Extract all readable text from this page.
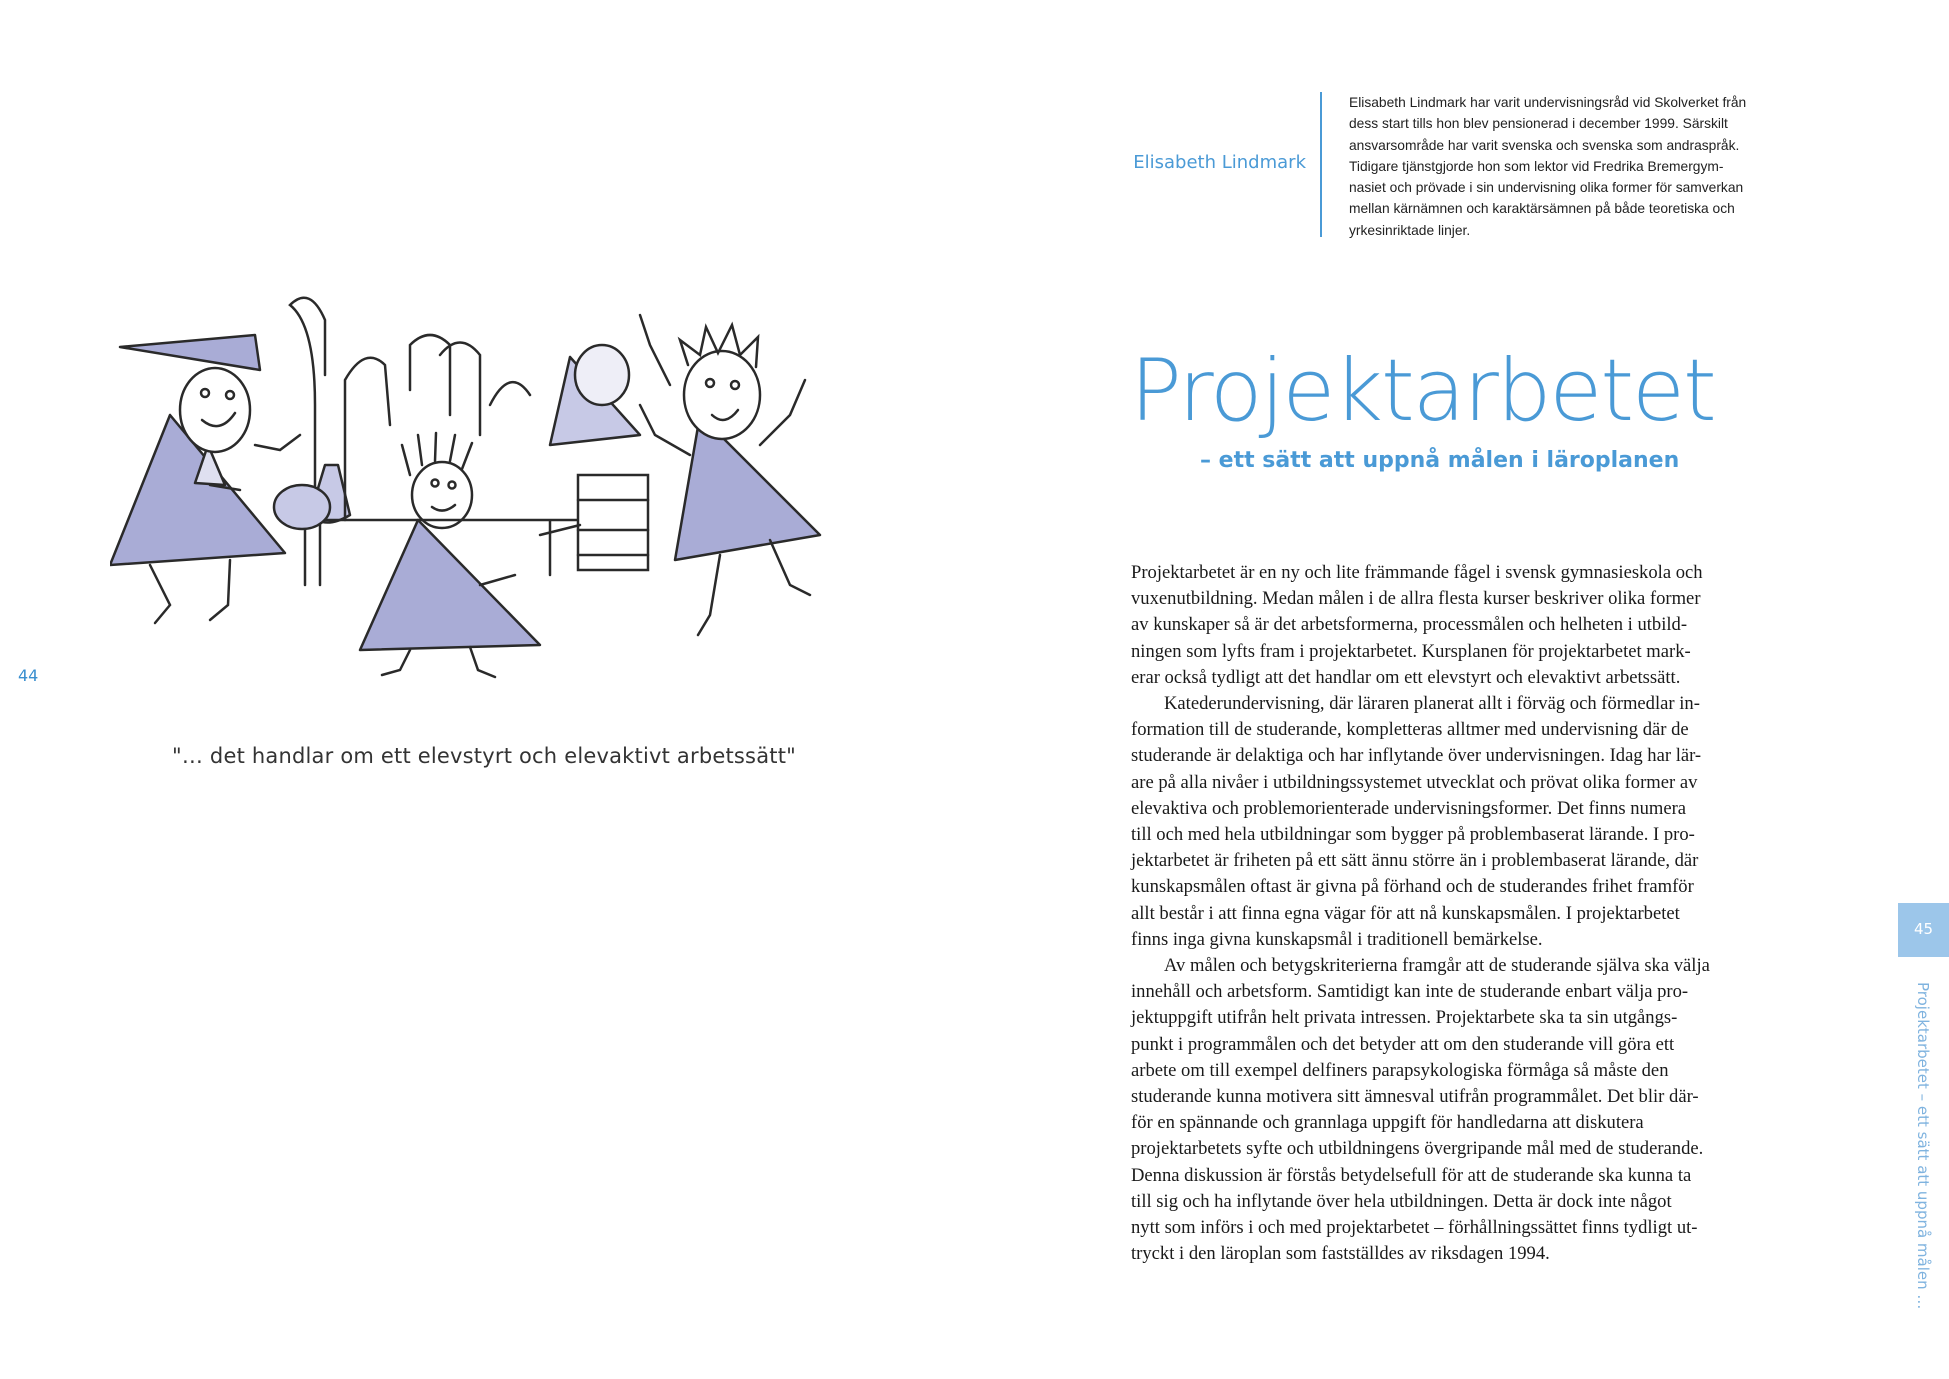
44
"… det handlar om ett elevstyrt och elevaktivt arbetssätt"
Elisabeth Lindmark

Elisabeth Lindmark har varit undervisningsråd vid Skolverket från
dess start tills hon blev pensionerad i december 1999. Särskilt
ansvarsområde har varit svenska och svenska som andraspråk.
Tidigare tjänstgjorde hon som lektor vid Fredrika Bremergym-
nasiet och prövade i sin undervisning olika former för samverkan
mellan kärnämnen och karaktärsämnen på både teoretiska och
yrkesinriktade linjer.

Projektarbetet
– ett sätt att uppnå målen i läroplanen
Projektarbetet är en ny och lite främmande fågel i svensk gymnasieskola och
vuxenutbildning. Medan målen i de allra flesta kurser beskriver olika former
av kunskaper så är det arbetsformerna, processmålen och helheten i utbild-
ningen som lyfts fram i projektarbetet. Kursplanen för projektarbetet mark-
erar också tydligt att det handlar om ett elevstyrt och elevaktivt arbetssätt.
Katederundervisning, där läraren planerat allt i förväg och förmedlar in-
formation till de studerande, kompletteras alltmer med undervisning där de
studerande är delaktiga och har inflytande över undervisningen. Idag har lär-
are på alla nivåer i utbildningssystemet utvecklat och prövat olika former av
elevaktiva och problemorienterade undervisningsformer. Det finns numera
till och med hela utbildningar som bygger på problembaserat lärande. I pro-
jektarbetet är friheten på ett sätt ännu större än i problembaserat lärande, där
kunskapsmålen oftast är givna på förhand och de studerandes frihet framför
allt består i att finna egna vägar för att nå kunskapsmålen. I projektarbetet
finns inga givna kunskapsmål i traditionell bemärkelse.
Av målen och betygskriterierna framgår att de studerande själva ska välja
innehåll och arbetsform. Samtidigt kan inte de studerande enbart välja pro-
jektuppgift utifrån helt privata intressen. Projektarbete ska ta sin utgångs-
punkt i programmålen och det betyder att om den studerande vill göra ett
arbete om till exempel delfiners parapsykologiska förmåga så måste den
studerande kunna motivera sitt ämnesval utifrån programmålet. Det blir där-
för en spännande och grannlaga uppgift för handledarna att diskutera
projektarbetets syfte och utbildningens övergripande mål med de studerande.
Denna diskussion är förstås betydelsefull för att de studerande ska kunna ta
till sig och ha inflytande över hela utbildningen. Detta är dock inte något
nytt som införs i och med projektarbetet – förhållningssättet finns tydligt ut-
tryckt i den läroplan som fastställdes av riksdagen 1994.
45
Projektarbetet – ett sätt att uppnå målen …
